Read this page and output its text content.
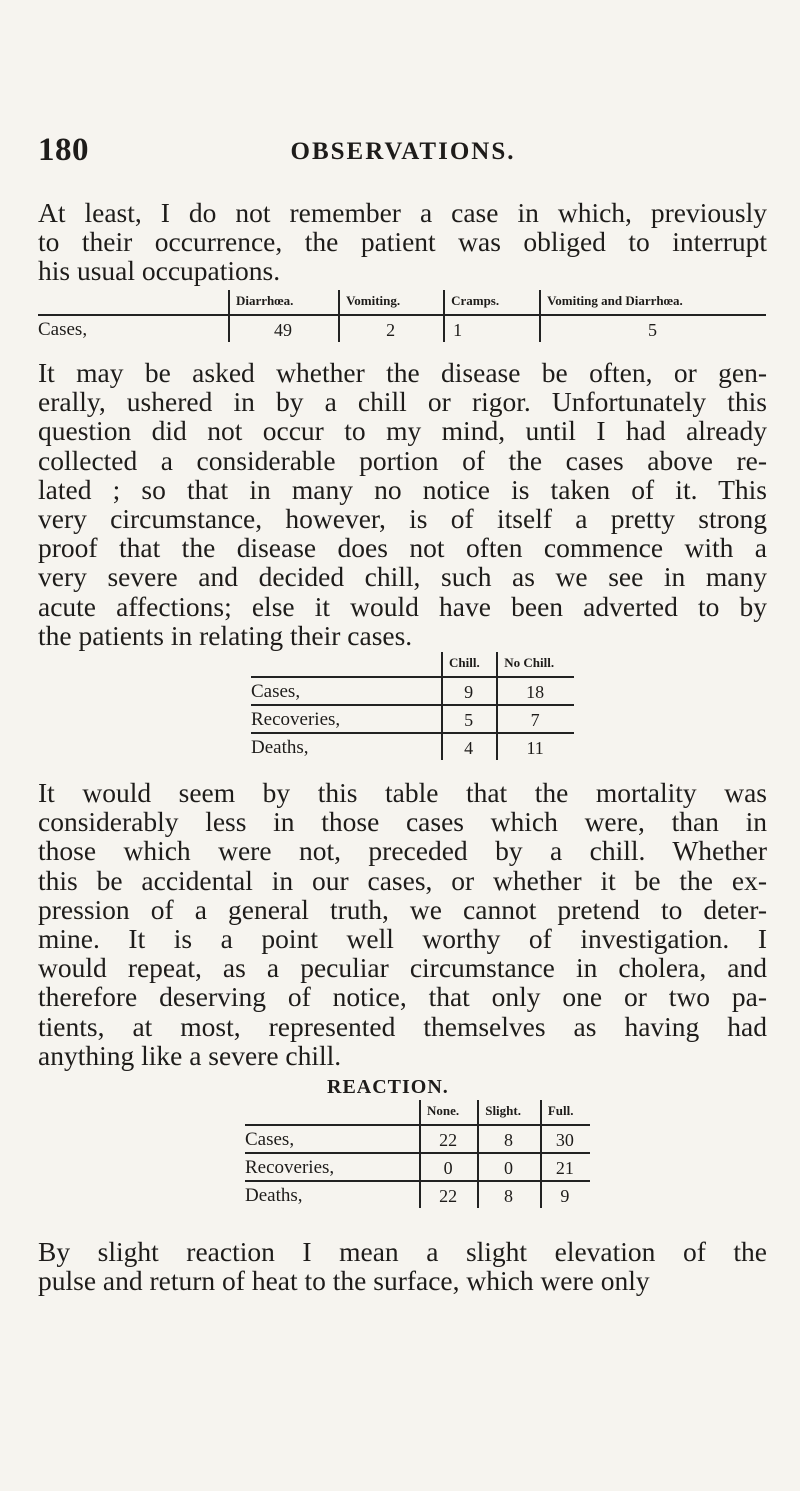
180	OBSERVATIONS.

At least, I do not remember a case in which, previously
to their occurrence, the patient was obliged to interrupt
his usual occupations.

	Diarrhœa.	Vomiting.	Cramps.	Vomiting and Diarrhœa.
Cases,	49	2	1	5

It may be asked whether the disease be often, or gen-
erally, ushered in by a chill or rigor. Unfortunately this
question did not occur to my mind, until I had already
collected a considerable portion of the cases above re-
lated ; so that in many no notice is taken of it. This
very circumstance, however, is of itself a pretty strong
proof that the disease does not often commence with a
very severe and decided chill, such as we see in many
acute affections; else it would have been adverted to by
the patients in relating their cases.

	Chill.	No Chill.
Cases,	9	18
Recoveries,	5	7
Deaths,	4	11

It would seem by this table that the mortality was
considerably less in those cases which were, than in
those which were not, preceded by a chill. Whether
this be accidental in our cases, or whether it be the ex-
pression of a general truth, we cannot pretend to deter-
mine. It is a point well worthy of investigation. I
would repeat, as a peculiar circumstance in cholera, and
therefore deserving of notice, that only one or two pa-
tients, at most, represented themselves as having had
anything like a severe chill.

REACTION.
	None.	Slight.	Full.
Cases,	22	8	30
Recoveries,	0	0	21
Deaths,	22	8	9

By slight reaction I mean a slight elevation of the
pulse and return of heat to the surface, which were only
